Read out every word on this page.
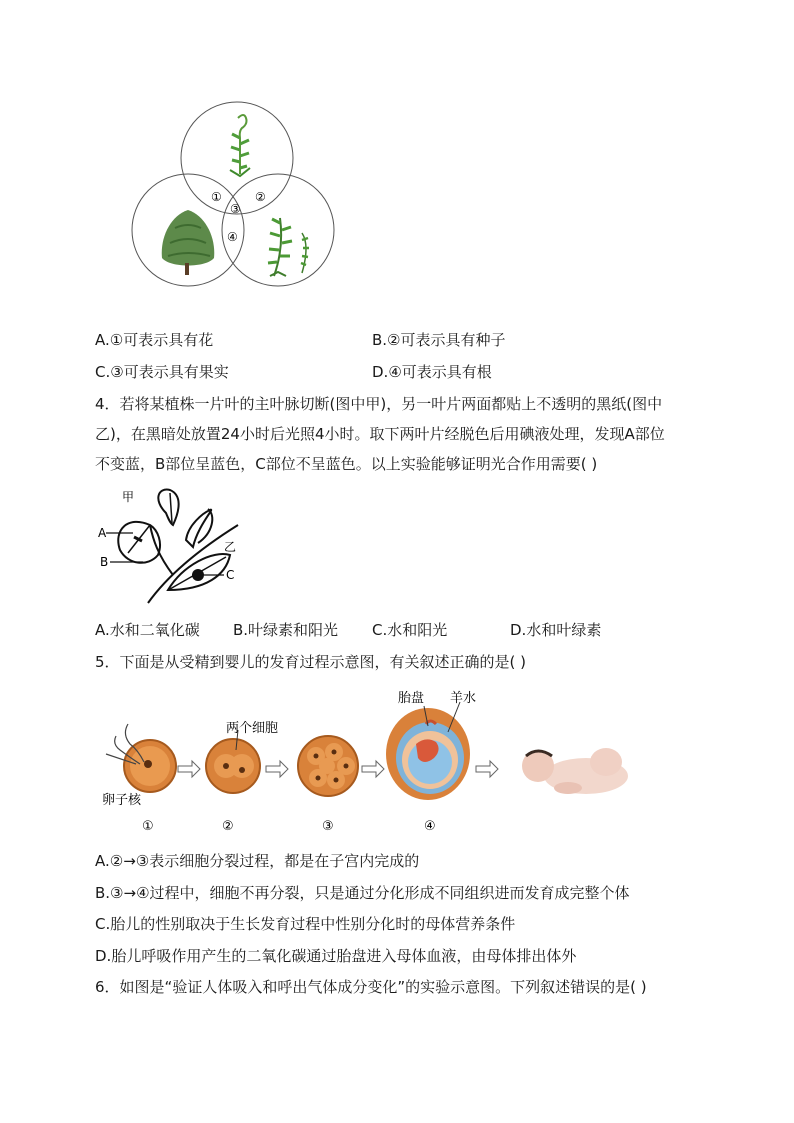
①	②
③
④
A.①可表示具有花	B.②可表示具有种子
C.③可表示具有果实	D.④可表示具有根
4．若将某植株一片叶的主叶脉切断(图中甲)，另一叶片两面都贴上不透明的黑纸(图中
乙)，在黑暗处放置24小时后光照4小时。取下两叶片经脱色后用碘液处理，发现A部位
不变蓝，B部位呈蓝色，C部位不呈蓝色。以上实验能够证明光合作用需要( )
甲
乙
A
B
C
A.水和二氧化碳 B.叶绿素和阳光 C.水和阳光	D.水和叶绿素
5．下面是从受精到婴儿的发育过程示意图，有关叙述正确的是( )
两个细胞
胎盘 羊水
卵子核
①	②	③	④
A.②→③表示细胞分裂过程，都是在子宫内完成的
B.③→④过程中，细胞不再分裂，只是通过分化形成不同组织进而发育成完整个体
C.胎儿的性别取决于生长发育过程中性别分化时的母体营养条件
D.胎儿呼吸作用产生的二氧化碳通过胎盘进入母体血液，由母体排出体外
6．如图是“验证人体吸入和呼出气体成分变化”的实验示意图。下列叙述错误的是( )
